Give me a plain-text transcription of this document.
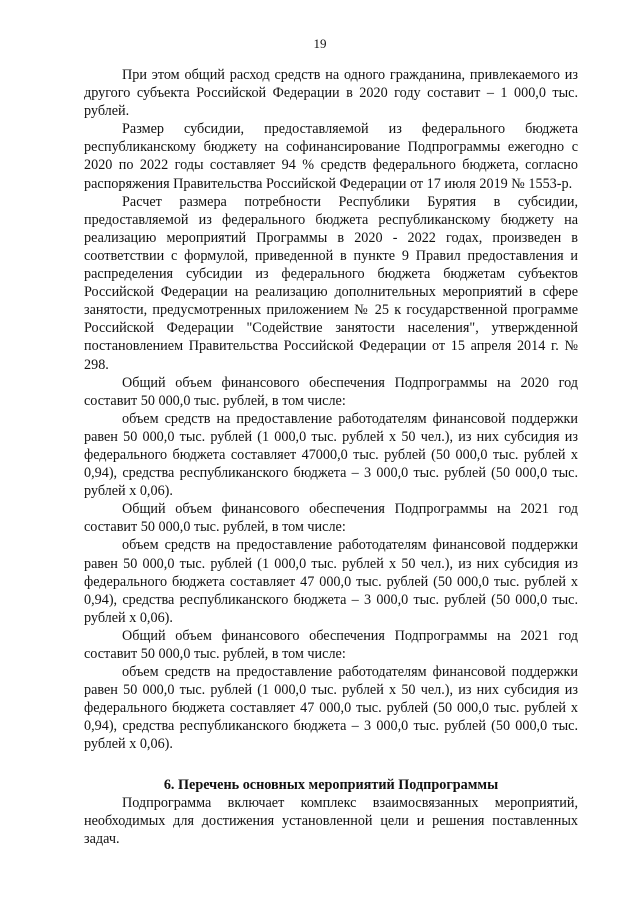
19

При этом общий расход средств на одного гражданина, привлекаемого из другого субъекта Российской Федерации в 2020 году составит – 1 000,0 тыс. рублей.

Размер субсидии, предоставляемой из федерального бюджета республиканскому бюджету на софинансирование Подпрограммы ежегодно с 2020 по 2022 годы составляет 94 % средств федерального бюджета, согласно распоряжения Правительства Российской Федерации от 17 июля 2019 № 1553-р.

Расчет размера потребности Республики Бурятия в субсидии, предоставляемой из федерального бюджета республиканскому бюджету на реализацию мероприятий Программы в 2020 - 2022 годах, произведен в соответствии с формулой, приведенной в пункте 9 Правил предоставления и распределения субсидии из федерального бюджета бюджетам субъектов Российской Федерации на реализацию дополнительных мероприятий в сфере занятости, предусмотренных приложением № 25 к государственной программе Российской Федерации "Содействие занятости населения", утвержденной постановлением Правительства Российской Федерации от 15 апреля 2014 г. № 298.

Общий объем финансового обеспечения Подпрограммы на 2020 год составит 50 000,0 тыс. рублей, в том числе:

объем средств на предоставление работодателям финансовой поддержки равен 50 000,0 тыс. рублей (1 000,0 тыс. рублей х 50 чел.), из них субсидия из федерального бюджета составляет 47000,0 тыс. рублей (50 000,0 тыс. рублей х 0,94), средства республиканского бюджета – 3 000,0 тыс. рублей (50 000,0 тыс. рублей х 0,06).

Общий объем финансового обеспечения Подпрограммы на 2021 год составит 50 000,0 тыс. рублей, в том числе:

объем средств на предоставление работодателям финансовой поддержки равен 50 000,0 тыс. рублей (1 000,0 тыс. рублей х 50 чел.), из них субсидия из федерального бюджета составляет 47 000,0 тыс. рублей (50 000,0 тыс. рублей х 0,94), средства республиканского бюджета – 3 000,0 тыс. рублей (50 000,0 тыс. рублей х 0,06).

Общий объем финансового обеспечения Подпрограммы на 2021 год составит 50 000,0 тыс. рублей, в том числе:

объем средств на предоставление работодателям финансовой поддержки равен 50 000,0 тыс. рублей (1 000,0 тыс. рублей х 50 чел.), из них субсидия из федерального бюджета составляет 47 000,0 тыс. рублей (50 000,0 тыс. рублей х 0,94), средства республиканского бюджета – 3 000,0 тыс. рублей (50 000,0 тыс. рублей х 0,06).

6. Перечень основных мероприятий Подпрограммы

Подпрограмма включает комплекс взаимосвязанных мероприятий, необходимых для достижения установленной цели и решения поставленных задач.
